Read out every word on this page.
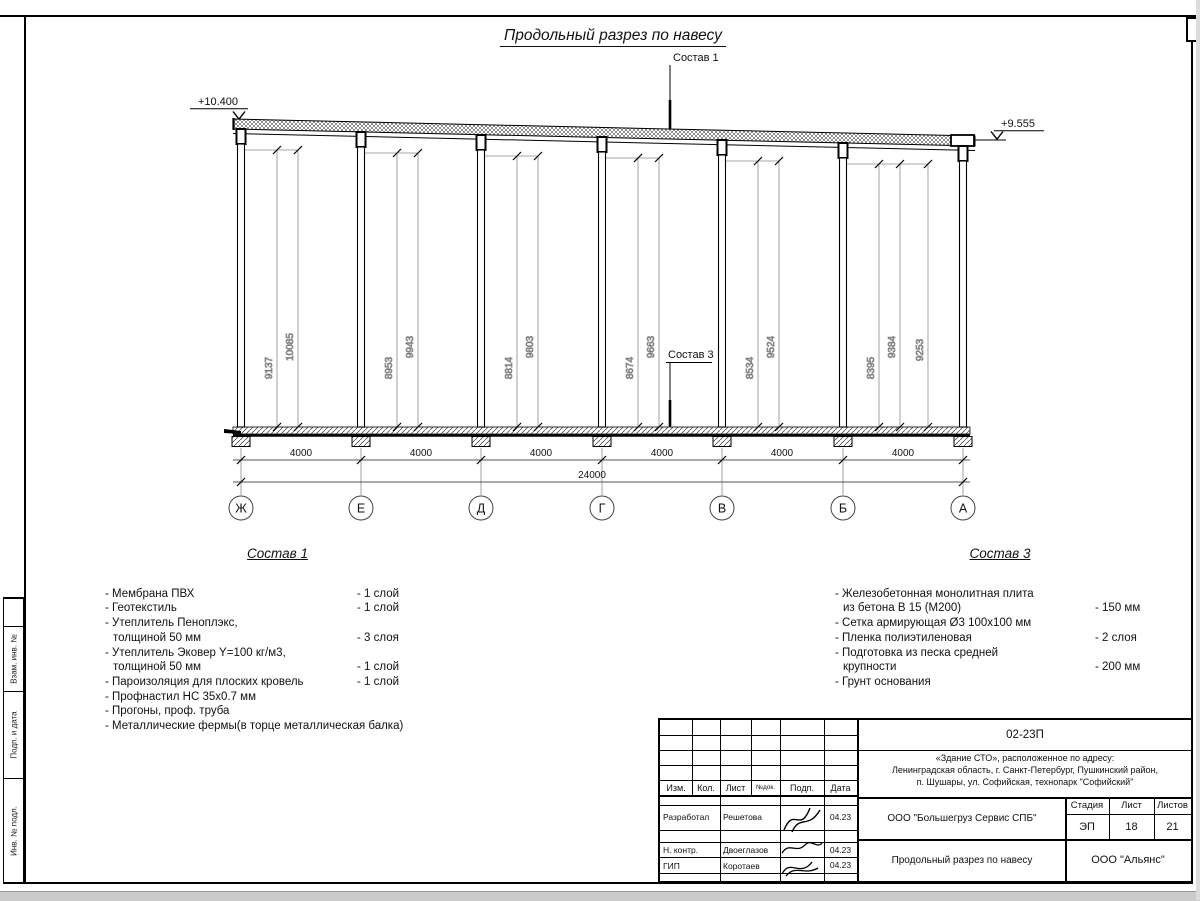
Взам. инв. №
Подп. и дата
Инв. № подл.
Продольный разрез по навесу
9137
10085
8953
9943
8814
9803
8674
9663
8534
9524
8395
9384 9253
4000	4000	4000	4000	4000	4000
24000
Ж	Е	Д	Г	В	Б	А
+10.400
+9.555
Состав 1
Состав 3
Состав 1
- Мембрана ПВХ	- 1 слой
- Геотекстиль	- 1 слой
- Утеплитель Пеноплэкс,
толщиной 50 мм	- 3 слоя
- Утеплитель Эковер Y=100 кг/м3,
толщиной 50 мм	- 1 слой
- Пароизоляция для плоских кровель	- 1 слой
- Профнастил НС 35х0.7 мм
- Прогоны, проф. труба
- Металлические фермы(в торце металлическая балка)
Состав 3
- Железобетонная монолитная плита
из бетона В 15 (М200)	- 150 мм
- Сетка армирующая Ø3 100х100 мм
- Пленка полиэтиленовая	- 2 слоя
- Подготовка из песка средней
крупности	- 200 мм
- Грунт основания
Изм.	Кол.	Лист	№док.	Подп.	Дата
Разработал Решетова	04.23
Н. контр.	Двоеглазов	04.23
ГИП	Коротаев	04.23
02-23П
«Здание СТО», расположенное по адресу:
Ленинградская область, г. Санкт-Петербург, Пушкинский район,
п. Шушары, ул. Софийская, технопарк "Софийский"
ООО "Большегруз Сервис СПБ"
Стадия	Лист	Листов
ЭП	18	21
Продольный разрез по навесу	ООО "Альянс"
